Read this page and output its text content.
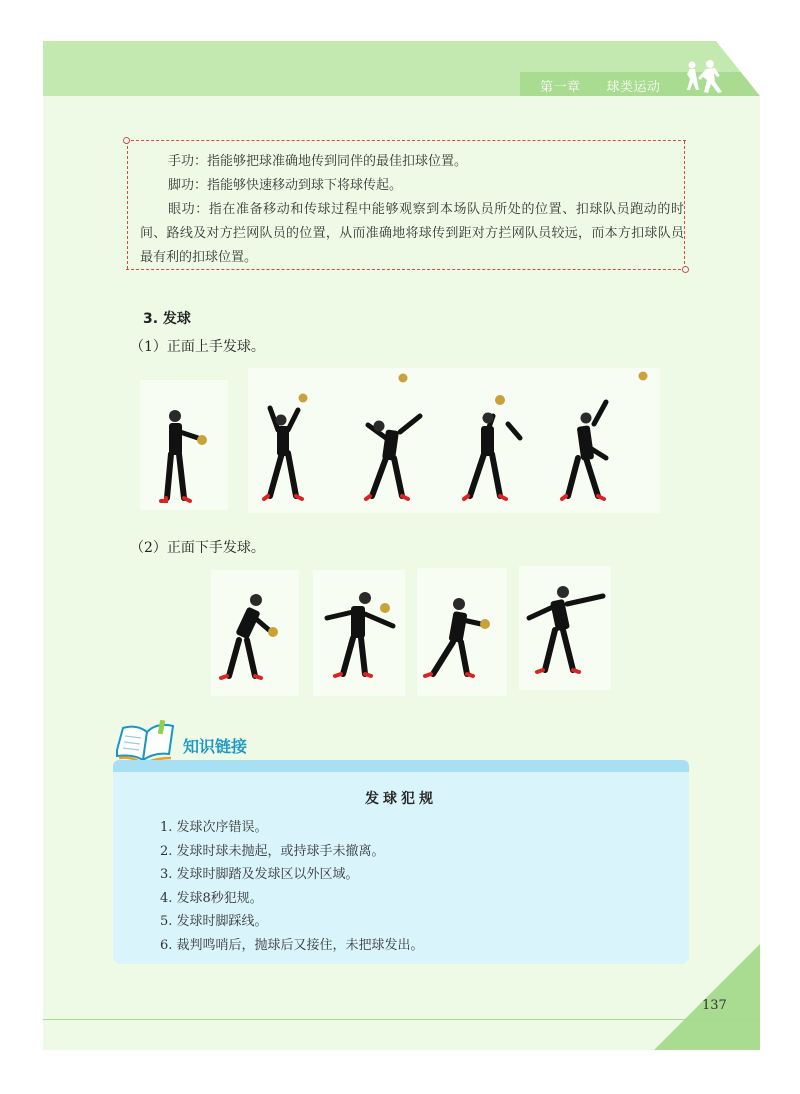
第一章 球类运动

手功：指能够把球准确地传到同伴的最佳扣球位置。

脚功：指能够快速移动到球下将球传起。

眼功：指在准备移动和传球过程中能够观察到本场队员所处的位置、扣球队员跑动的时间、路线及对方拦网队员的位置，从而准确地将球传到距对方拦网队员较远，而本方扣球队员最有利的扣球位置。

3. 发球
（1）正面上手发球。
（2）正面下手发球。
知识链接
发球犯规
1. 发球次序错误。
2. 发球时球未抛起，或持球手未撤离。
3. 发球时脚踏及发球区以外区域。
4. 发球8秒犯规。
5. 发球时脚踩线。
6. 裁判鸣哨后，抛球后又接住，未把球发出。
137
